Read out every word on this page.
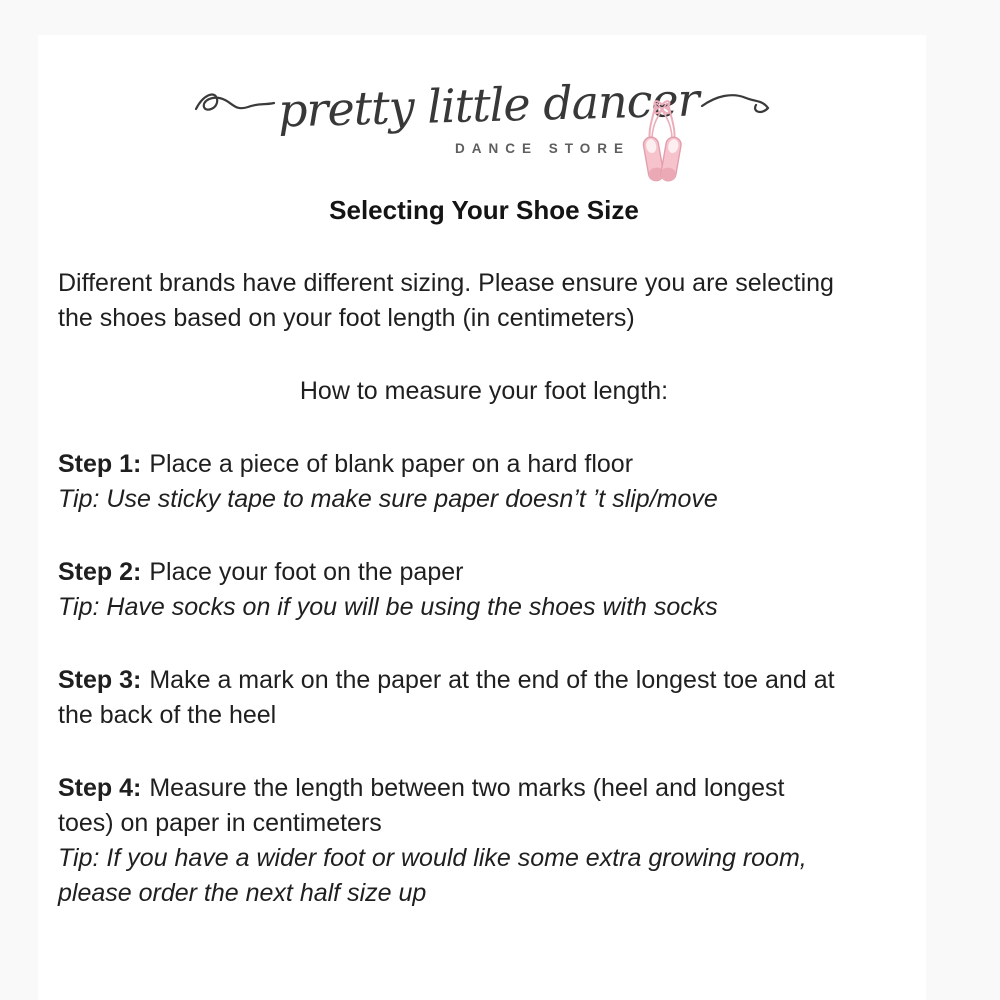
pretty little dancer
DANCE STORE
Selecting Your Shoe Size

Different brands have different sizing. Please ensure you are selecting

the shoes based on your foot length (in centimeters)

How to measure your foot length:

Step 1: Place a piece of blank paper on a hard floor

Tip: Use sticky tape to make sure paper doesn’t ’t slip/move

Step 2: Place your foot on the paper

Tip: Have socks on if you will be using the shoes with socks

Step 3: Make a mark on the paper at the end of the longest toe and at

the back of the heel

Step 4: Measure the length between two marks (heel and longest

toes) on paper in centimeters

Tip: If you have a wider foot or would like some extra growing room,

please order the next half size up
